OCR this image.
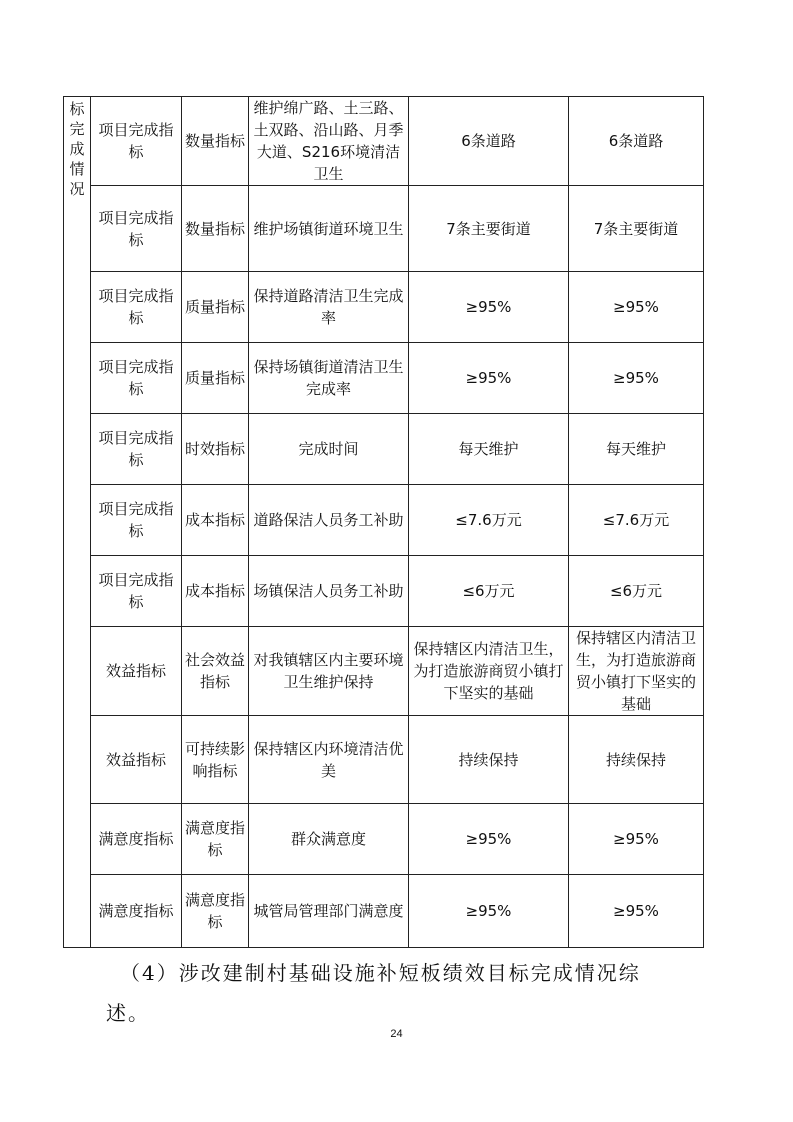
标完成情况	项目完成指标	数量指标	维护绵广路、土三路、土双路、沿山路、月季大道、S216环境清洁卫生	6条道路	6条道路
	项目完成指标	数量指标	维护场镇街道环境卫生	7条主要街道	7条主要街道
	项目完成指标	质量指标	保持道路清洁卫生完成率	≥95%	≥95%
	项目完成指标	质量指标	保持场镇街道清洁卫生完成率	≥95%	≥95%
	项目完成指标	时效指标	完成时间	每天维护	每天维护
	项目完成指标	成本指标	道路保洁人员务工补助	≤7.6万元	≤7.6万元
	项目完成指标	成本指标	场镇保洁人员务工补助	≤6万元	≤6万元
	效益指标	社会效益指标	对我镇辖区内主要环境卫生维护保持	保持辖区内清洁卫生，为打造旅游商贸小镇打下坚实的基础	保持辖区内清洁卫生，为打造旅游商贸小镇打下坚实的基础
	效益指标	可持续影响指标	保持辖区内环境清洁优美	持续保持	持续保持
	满意度指标	满意度指标	群众满意度	≥95%	≥95%
	满意度指标	满意度指标	城管局管理部门满意度	≥95%	≥95%
（4）涉改建制村基础设施补短板绩效目标完成情况综
述。
24
